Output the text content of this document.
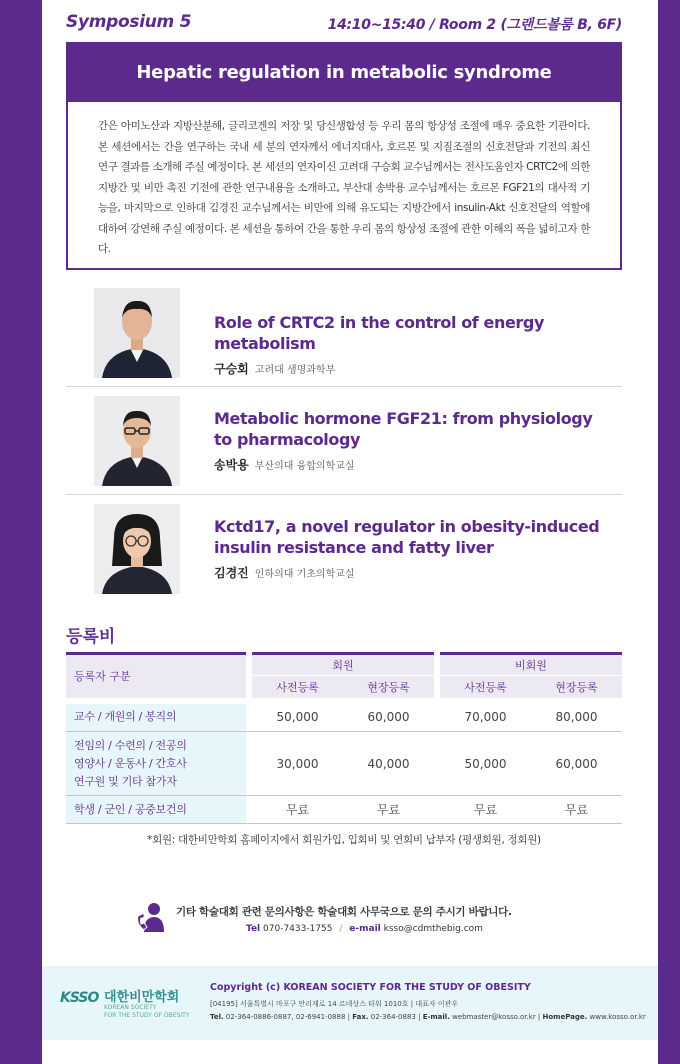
Symposium 5	14:10~15:40 / Room 2 (그랜드볼룸 B, 6F)
Hepatic regulation in metabolic syndrome

간은 아미노산과 지방산분해, 글리코겐의 저장 및 당신생합성 등 우리 몸의 항상성 조절에 매우 중요한 기관이다. 본 세션에서는 간을 연구하는 국내 세 분의 연자께서 에너지대사, 호르몬 및 지질조절의 신호전달과 기전의 최신 연구 결과를 소개해 주실 예정이다. 본 세션의 연자이신 고려대 구승회 교수님께서는 전사도움인자 CRTC2에 의한 지방간 및 비만 촉진 기전에 관한 연구내용을 소개하고, 부산대 송박용 교수님께서는 호르몬 FGF21의 대사적 기능을, 마지막으로 인하대 김경진 교수님께서는 비만에 의해 유도되는 지방간에서 insulin-Akt 신호전달의 역할에 대하여 강연해 주실 예정이다. 본 세션을 통하여 간을 통한 우리 몸의 항상성 조절에 관한 이해의 폭을 넓히고자 한다.

Role of CRTC2 in the control of energy metabolism
구승회 고려대 생명과학부
Metabolic hormone FGF21: from physiology to pharmacology
송박용 부산의대 융합의학교실
Kctd17, a novel regulator in obesity-induced insulin resistance and fatty liver
김경진 인하의대 기초의학교실
등록비
등록자 구분		회원			비회원	
		사전등록	현장등록		사전등록	현장등록

교수 / 개원의 / 봉직의		50,000	60,000		70,000	80,000

전임의 / 수련의 / 전공의
영양사 / 운동사 / 간호사
연구원 및 기타 참가자		30,000	40,000		50,000	60,000
학생 / 군인 / 공중보건의		무료	무료		무료	무료
*회원: 대한비만학회 홈페이지에서 회원가입, 입회비 및 연회비 납부자 (평생회원, 정회원)
기타 학술대회 관련 문의사항은 학술대회 사무국으로 문의 주시기 바랍니다.
Tel 070-7433-1755 / e-mail ksso@cdmthebig.com
KSSO 대한비만학회
KOREAN SOCIETY
FOR THE STUDY OF OBESITY
Copyright (c) KOREAN SOCIETY FOR THE STUDY OF OBESITY
[04195] 서울특별시 마포구 만리재로 14 르네상스 타워 1010호 | 대표자 이관우
Tel. 02-364-0886-0887, 02-6941-0888 | Fax. 02-364-0883 | E-mail. webmaster@kosso.or.kr | HomePage. www.kosso.or.kr
